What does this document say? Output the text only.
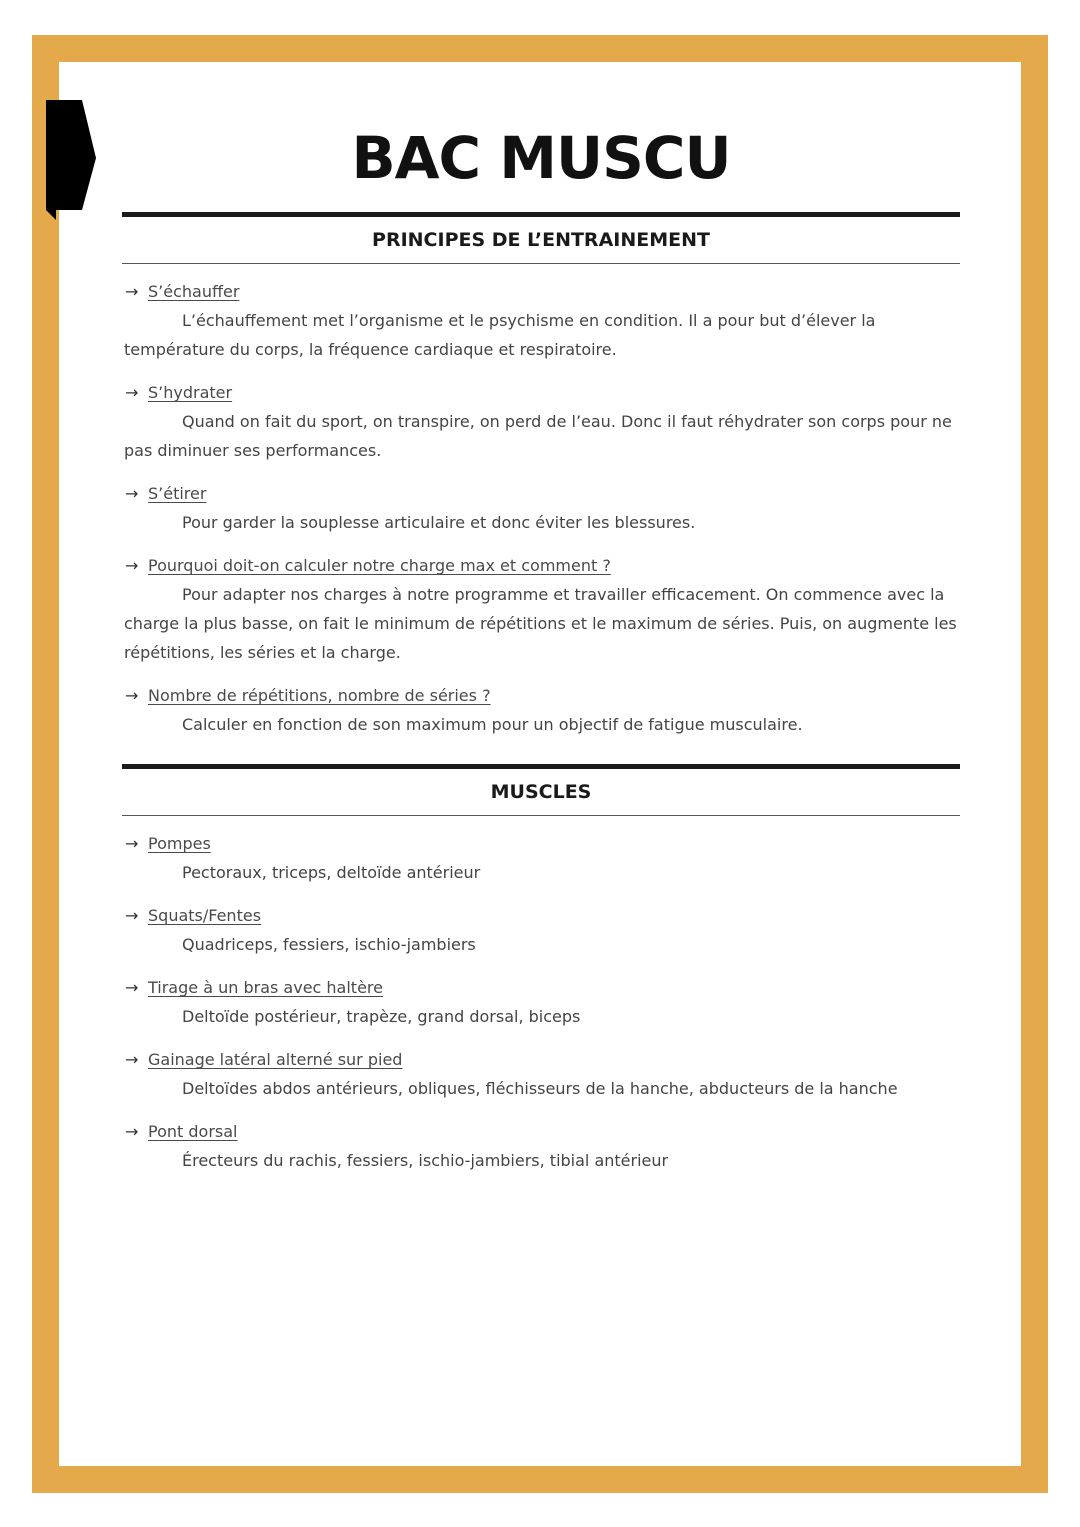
BAC MUSCU
PRINCIPES DE L’ENTRAINEMENT
→ S’échauffer

L’échauffement met l’organisme et le psychisme en condition. Il a pour but d’élever la température du corps, la fréquence cardiaque et respiratoire.

→ S’hydrater

Quand on fait du sport, on transpire, on perd de l’eau. Donc il faut réhydrater son corps pour ne pas diminuer ses performances.

→ S’étirer

Pour garder la souplesse articulaire et donc éviter les blessures.

→ Pourquoi doit-on calculer notre charge max et comment ?

Pour adapter nos charges à notre programme et travailler efficacement. On commence avec la charge la plus basse, on fait le minimum de répétitions et le maximum de séries. Puis, on augmente les répétitions, les séries et la charge.

→ Nombre de répétitions, nombre de séries ?

Calculer en fonction de son maximum pour un objectif de fatigue musculaire.

MUSCLES
→ Pompes

Pectoraux, triceps, deltoïde antérieur

→ Squats/Fentes

Quadriceps, fessiers, ischio-jambiers

→ Tirage à un bras avec haltère

Deltoïde postérieur, trapèze, grand dorsal, biceps

→ Gainage latéral alterné sur pied

Deltoïdes abdos antérieurs, obliques, fléchisseurs de la hanche, abducteurs de la hanche

→ Pont dorsal

Érecteurs du rachis, fessiers, ischio-jambiers, tibial antérieur
